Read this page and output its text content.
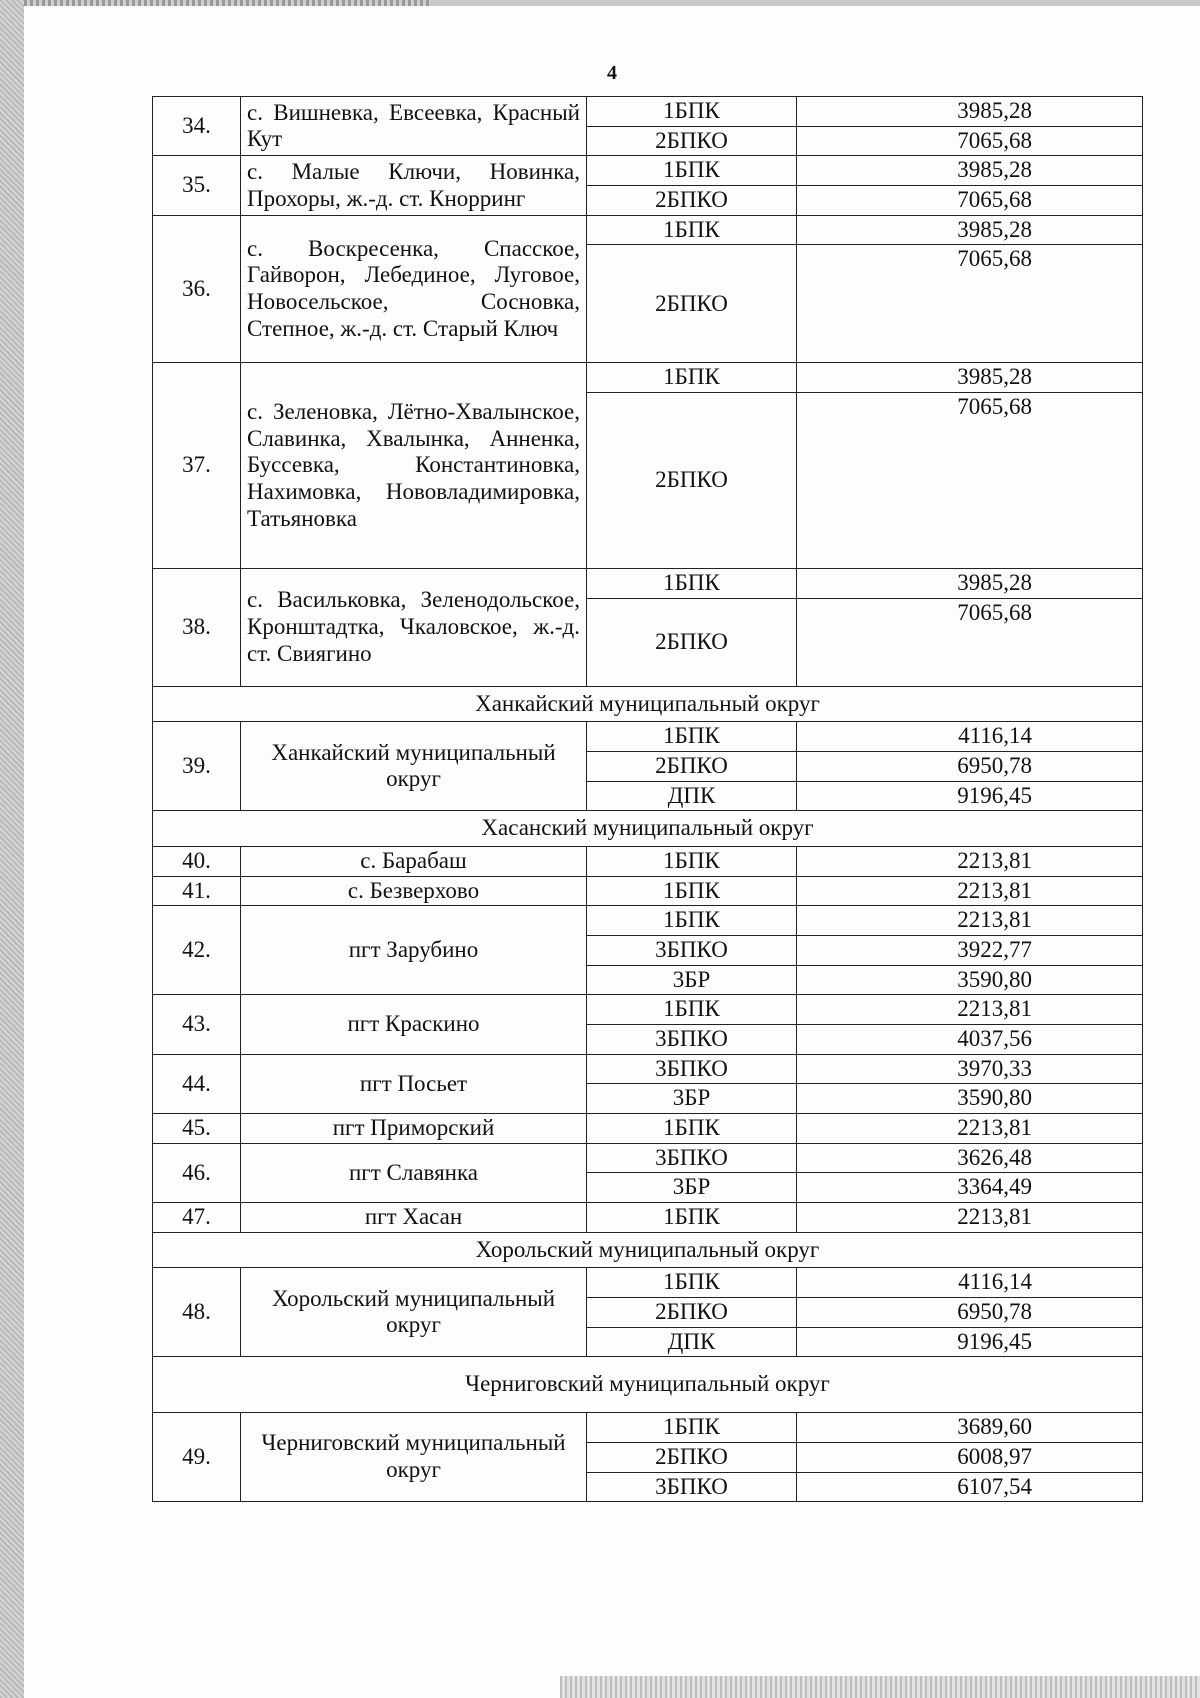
4
34.	с. Вишневка, Евсеевка, Красный Кут	1БПК	3985,28
		2БПКО	7065,68
35.	с. Малые Ключи, Новинка, Прохоры, ж.-д. ст. Кнорринг	1БПК	3985,28
		2БПКО	7065,68
36.	с. Воскресенка, Спасское, Гайворон, Лебединое, Луговое, Новосельское, Сосновка, Степное, ж.-д. ст. Старый Ключ	1БПК	3985,28
		2БПКО	7065,68
37.	с. Зеленовка, Лётно-Хвалынское, Славинка, Хвалынка, Анненка, Буссевка, Константиновка, Нахимовка, Нововладимировка, Татьяновка	1БПК	3985,28
		2БПКО	7065,68
38.	с. Васильковка, Зеленодольское, Кронштадтка, Чкаловское, ж.-д. ст. Свиягино	1БПК	3985,28
		2БПКО	7065,68
Ханкайский муниципальный округ			
39.	Ханкайский муниципальный округ	1БПК	4116,14
		2БПКО	6950,78
		ДПК	9196,45
Хасанский муниципальный округ			
40.	с. Барабаш	1БПК	2213,81
41.	с. Безверхово	1БПК	2213,81
42.	пгт Зарубино	1БПК	2213,81
		3БПКО	3922,77
		3БР	3590,80
43.	пгт Краскино	1БПК	2213,81
		3БПКО	4037,56
44.	пгт Посьет	3БПКО	3970,33
		3БР	3590,80
45.	пгт Приморский	1БПК	2213,81
46.	пгт Славянка	3БПКО	3626,48
		3БР	3364,49
47.	пгт Хасан	1БПК	2213,81
Хорольский муниципальный округ			
48.	Хорольский муниципальный округ	1БПК	4116,14
		2БПКО	6950,78
		ДПК	9196,45
Черниговский муниципальный округ			
49.	Черниговский муниципальный округ	1БПК	3689,60
		2БПКО	6008,97
		3БПКО	6107,54
